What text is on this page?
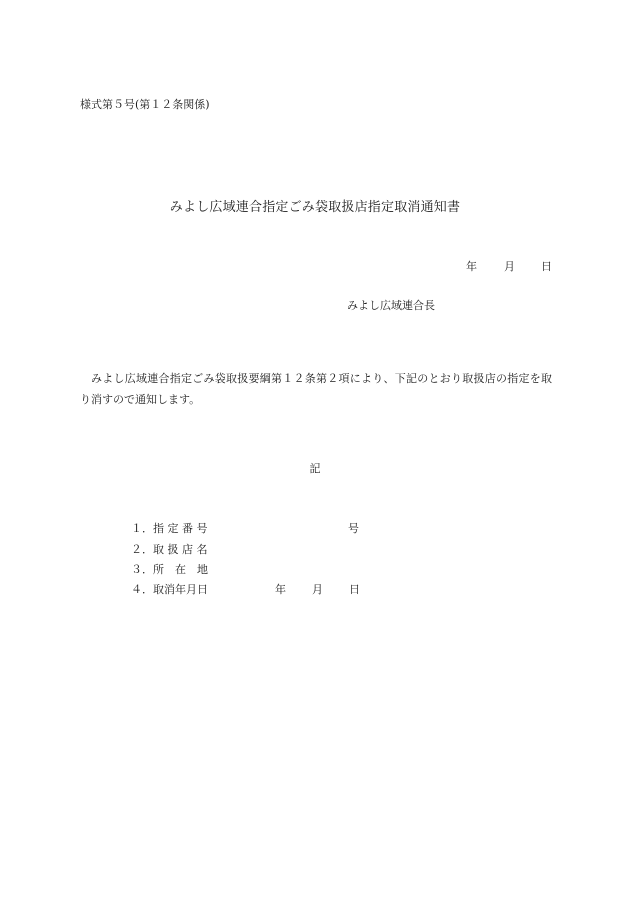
様式第５号(第１２条関係)
みよし広域連合指定ごみ袋取扱店指定取消通知書
年 月 日
みよし広域連合長
みよし広域連合指定ごみ袋取扱要綱第１２条第２項により、下記のとおり取扱店の指定を取り消すので通知します。
記
１．指 定 番 号	号
２．取 扱 店 名
３．所　在　地
４．取消年月日	年 月 日
